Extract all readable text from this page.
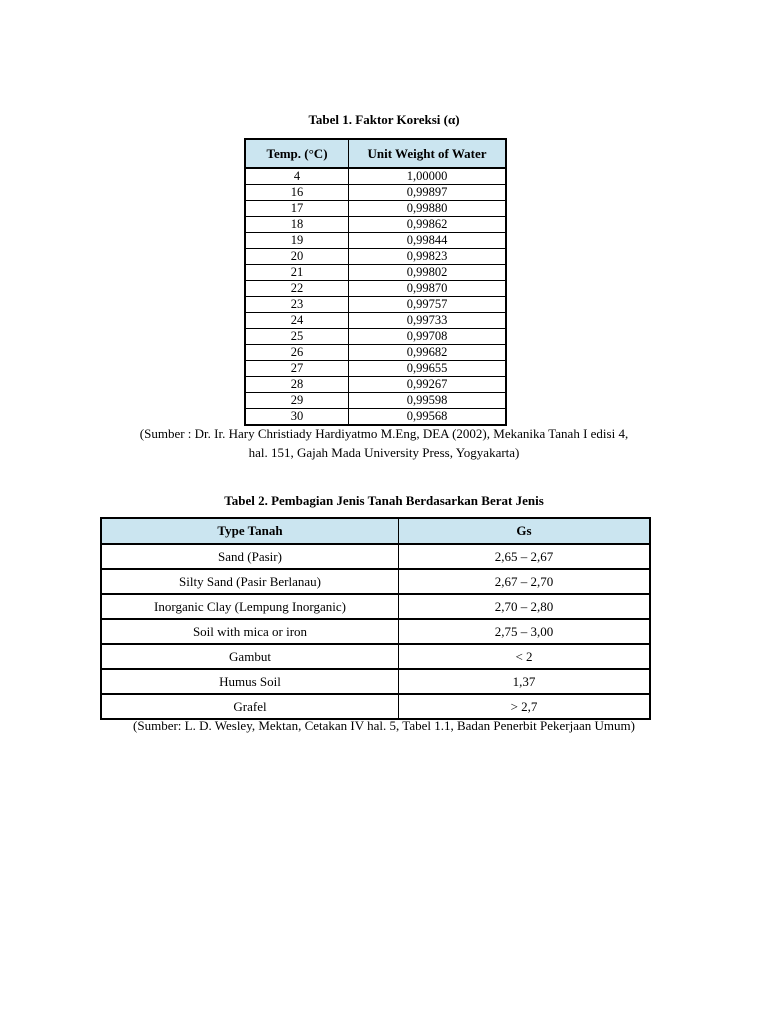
Tabel 1. Faktor Koreksi (α)
Temp. (°C)	Unit Weight of Water
4	1,00000
16	0,99897
17	0,99880
18	0,99862
19	0,99844
20	0,99823
21	0,99802
22	0,99870
23	0,99757
24	0,99733
25	0,99708
26	0,99682
27	0,99655
28	0,99267
29	0,99598
30	0,99568
(Sumber : Dr. Ir. Hary Christiady Hardiyatmo M.Eng, DEA (2002), Mekanika Tanah I edisi 4,
hal. 151, Gajah Mada University Press, Yogyakarta)
Tabel 2. Pembagian Jenis Tanah Berdasarkan Berat Jenis
Type Tanah	Gs
Sand (Pasir)	2,65 – 2,67
Silty Sand (Pasir Berlanau)	2,67 – 2,70
Inorganic Clay (Lempung Inorganic)	2,70 – 2,80
Soil with mica or iron	2,75 – 3,00
Gambut	< 2
Humus Soil	1,37
Grafel	> 2,7
(Sumber: L. D. Wesley, Mektan, Cetakan IV hal. 5, Tabel 1.1, Badan Penerbit Pekerjaan Umum)
